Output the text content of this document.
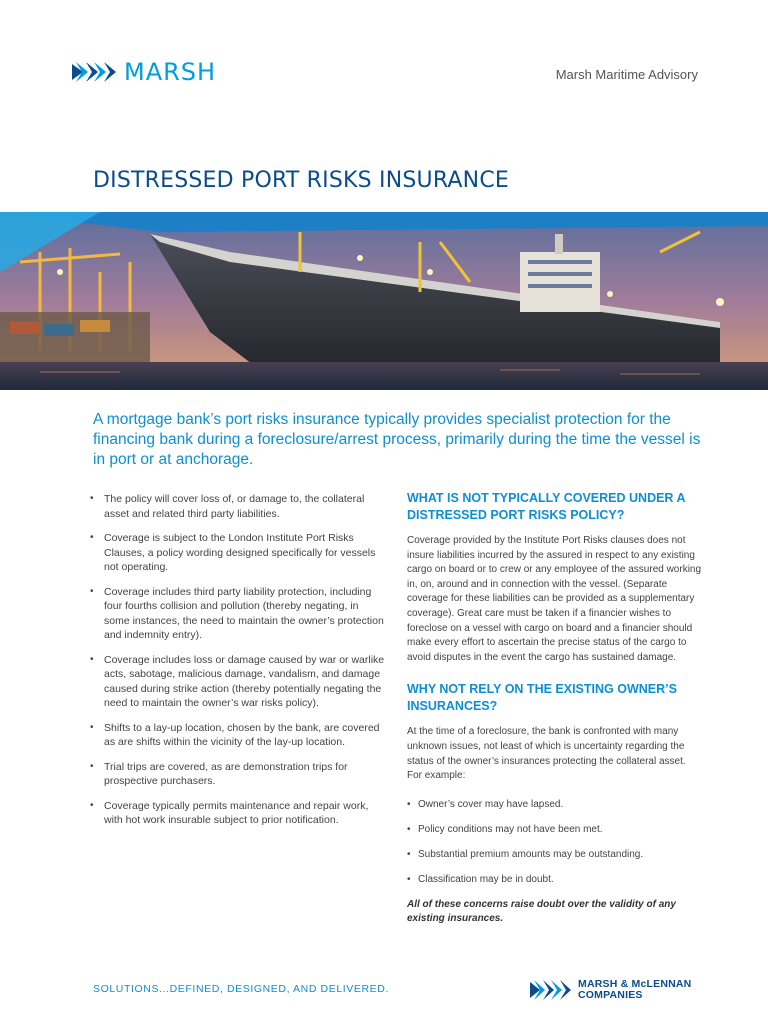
MARSH	Marsh Maritime Advisory
DISTRESSED PORT RISKS INSURANCE

A mortgage bank’s port risks insurance typically provides specialist protection for the financing bank during a foreclosure/arrest process, primarily during the time the vessel is in port or at anchorage.

• The policy will cover loss of, or damage to, the collateral asset and related third party liabilities.
• Coverage is subject to the London Institute Port Risks Clauses, a policy wording designed specifically for vessels not operating.
• Coverage includes third party liability protection, including four fourths collision and pollution (thereby negating, in some instances, the need to maintain the owner’s protection and indemnity entry).
• Coverage includes loss or damage caused by war or warlike acts, sabotage, malicious damage, vandalism, and damage caused during strike action (thereby potentially negating the need to maintain the owner’s war risks policy).
• Shifts to a lay-up location, chosen by the bank, are covered as are shifts within the vicinity of the lay-up location.
• Trial trips are covered, as are demonstration trips for prospective purchasers.
• Coverage typically permits maintenance and repair work, with hot work insurable subject to prior notification.
WHAT IS NOT TYPICALLY COVERED UNDER A DISTRESSED PORT RISKS POLICY?

Coverage provided by the Institute Port Risks clauses does not insure liabilities incurred by the assured in respect to any existing cargo on board or to crew or any employee of the assured working in, on, around and in connection with the vessel. (Separate coverage for these liabilities can be provided as a supplementary coverage). Great care must be taken if a financier wishes to foreclose on a vessel with cargo on board and a financier should make every effort to ascertain the precise status of the cargo to avoid disputes in the event the cargo has sustained damage.

WHY NOT RELY ON THE EXISTING OWNER’S INSURANCES?

At the time of a foreclosure, the bank is confronted with many unknown issues, not least of which is uncertainty regarding the status of the owner’s insurances protecting the collateral asset. For example:

• Owner’s cover may have lapsed.
• Policy conditions may not have been met.
• Substantial premium amounts may be outstanding.
• Classification may be in doubt.

All of these concerns raise doubt over the validity of any existing insurances.

SOLUTIONS...DEFINED, DESIGNED, AND DELIVERED.	MARSH & McLENNAN
COMPANIES
